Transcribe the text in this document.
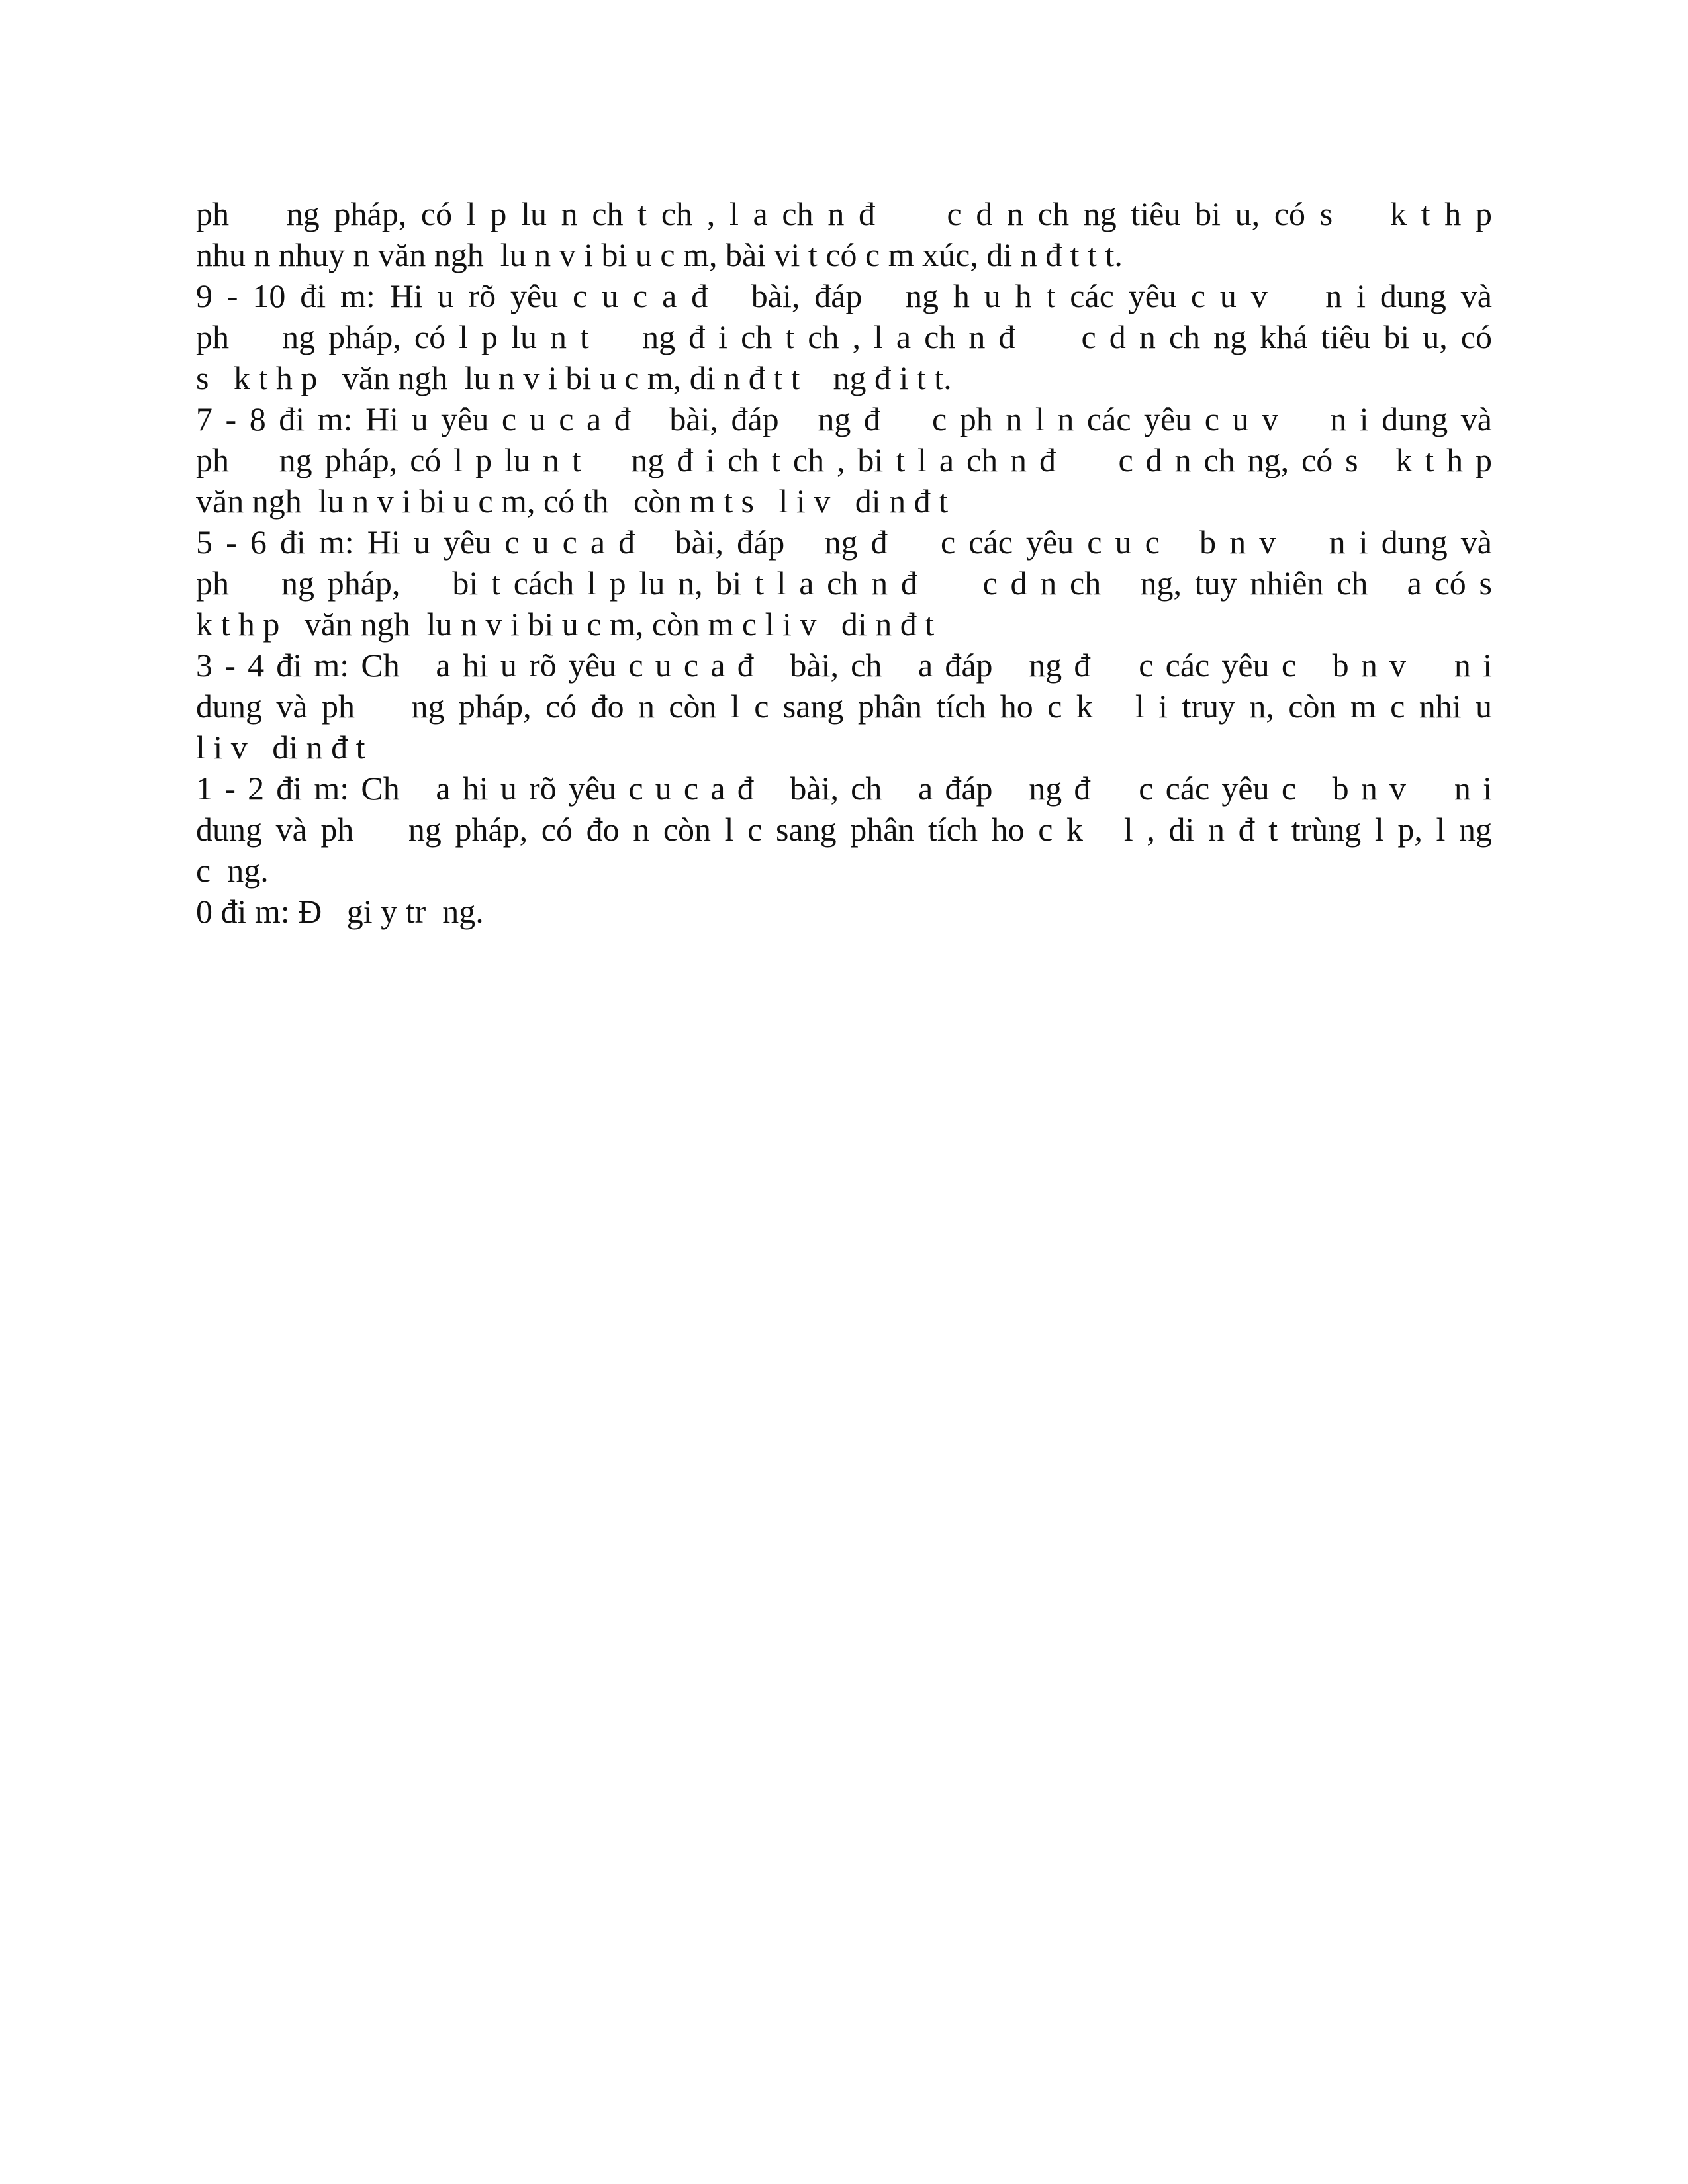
ph    ng pháp, có l p lu n ch t ch , l a ch n đ     c d n ch ng tiêu bi u, có s    k t h p
nhu n nhuy n văn ngh  lu n v i bi u c m, bài vi t có c m xúc, di n đ t t t.
9 - 10 đi m: Hi u rõ yêu c u c a đ   bài, đáp   ng h u h t các yêu c u v    n i dung và
ph    ng pháp, có l p lu n t    ng đ i ch t ch , l a ch n đ     c d n ch ng khá tiêu bi u, có
s   k t h p   văn ngh  lu n v i bi u c m, di n đ t t    ng đ i t t.
7 - 8 đi m: Hi u yêu c u c a đ   bài, đáp   ng đ    c ph n l n các yêu c u v    n i dung và
ph    ng pháp, có l p lu n t    ng đ i ch t ch , bi t l a ch n đ     c d n ch ng, có s   k t h p
văn ngh  lu n v i bi u c m, có th   còn m t s   l i v   di n đ t
5 - 6 đi m: Hi u yêu c u c a đ   bài, đáp   ng đ    c các yêu c u c   b n v    n i dung và
ph    ng pháp,    bi t cách l p lu n, bi t l a ch n đ     c d n ch   ng, tuy nhiên ch   a có s
k t h p   văn ngh  lu n v i bi u c m, còn m c l i v   di n đ t
3 - 4 đi m: Ch   a hi u rõ yêu c u c a đ   bài, ch   a đáp   ng đ    c các yêu c   b n v    n i
dung và ph    ng pháp, có đo n còn l c sang phân tích ho c k   l i truy n, còn m c nhi u
l i v   di n đ t
1 - 2 đi m: Ch   a hi u rõ yêu c u c a đ   bài, ch   a đáp   ng đ    c các yêu c   b n v    n i
dung và ph    ng pháp, có đo n còn l c sang phân tích ho c k   l , di n đ t trùng l p, l ng
c  ng.
0 đi m: Đ   gi y tr  ng.
